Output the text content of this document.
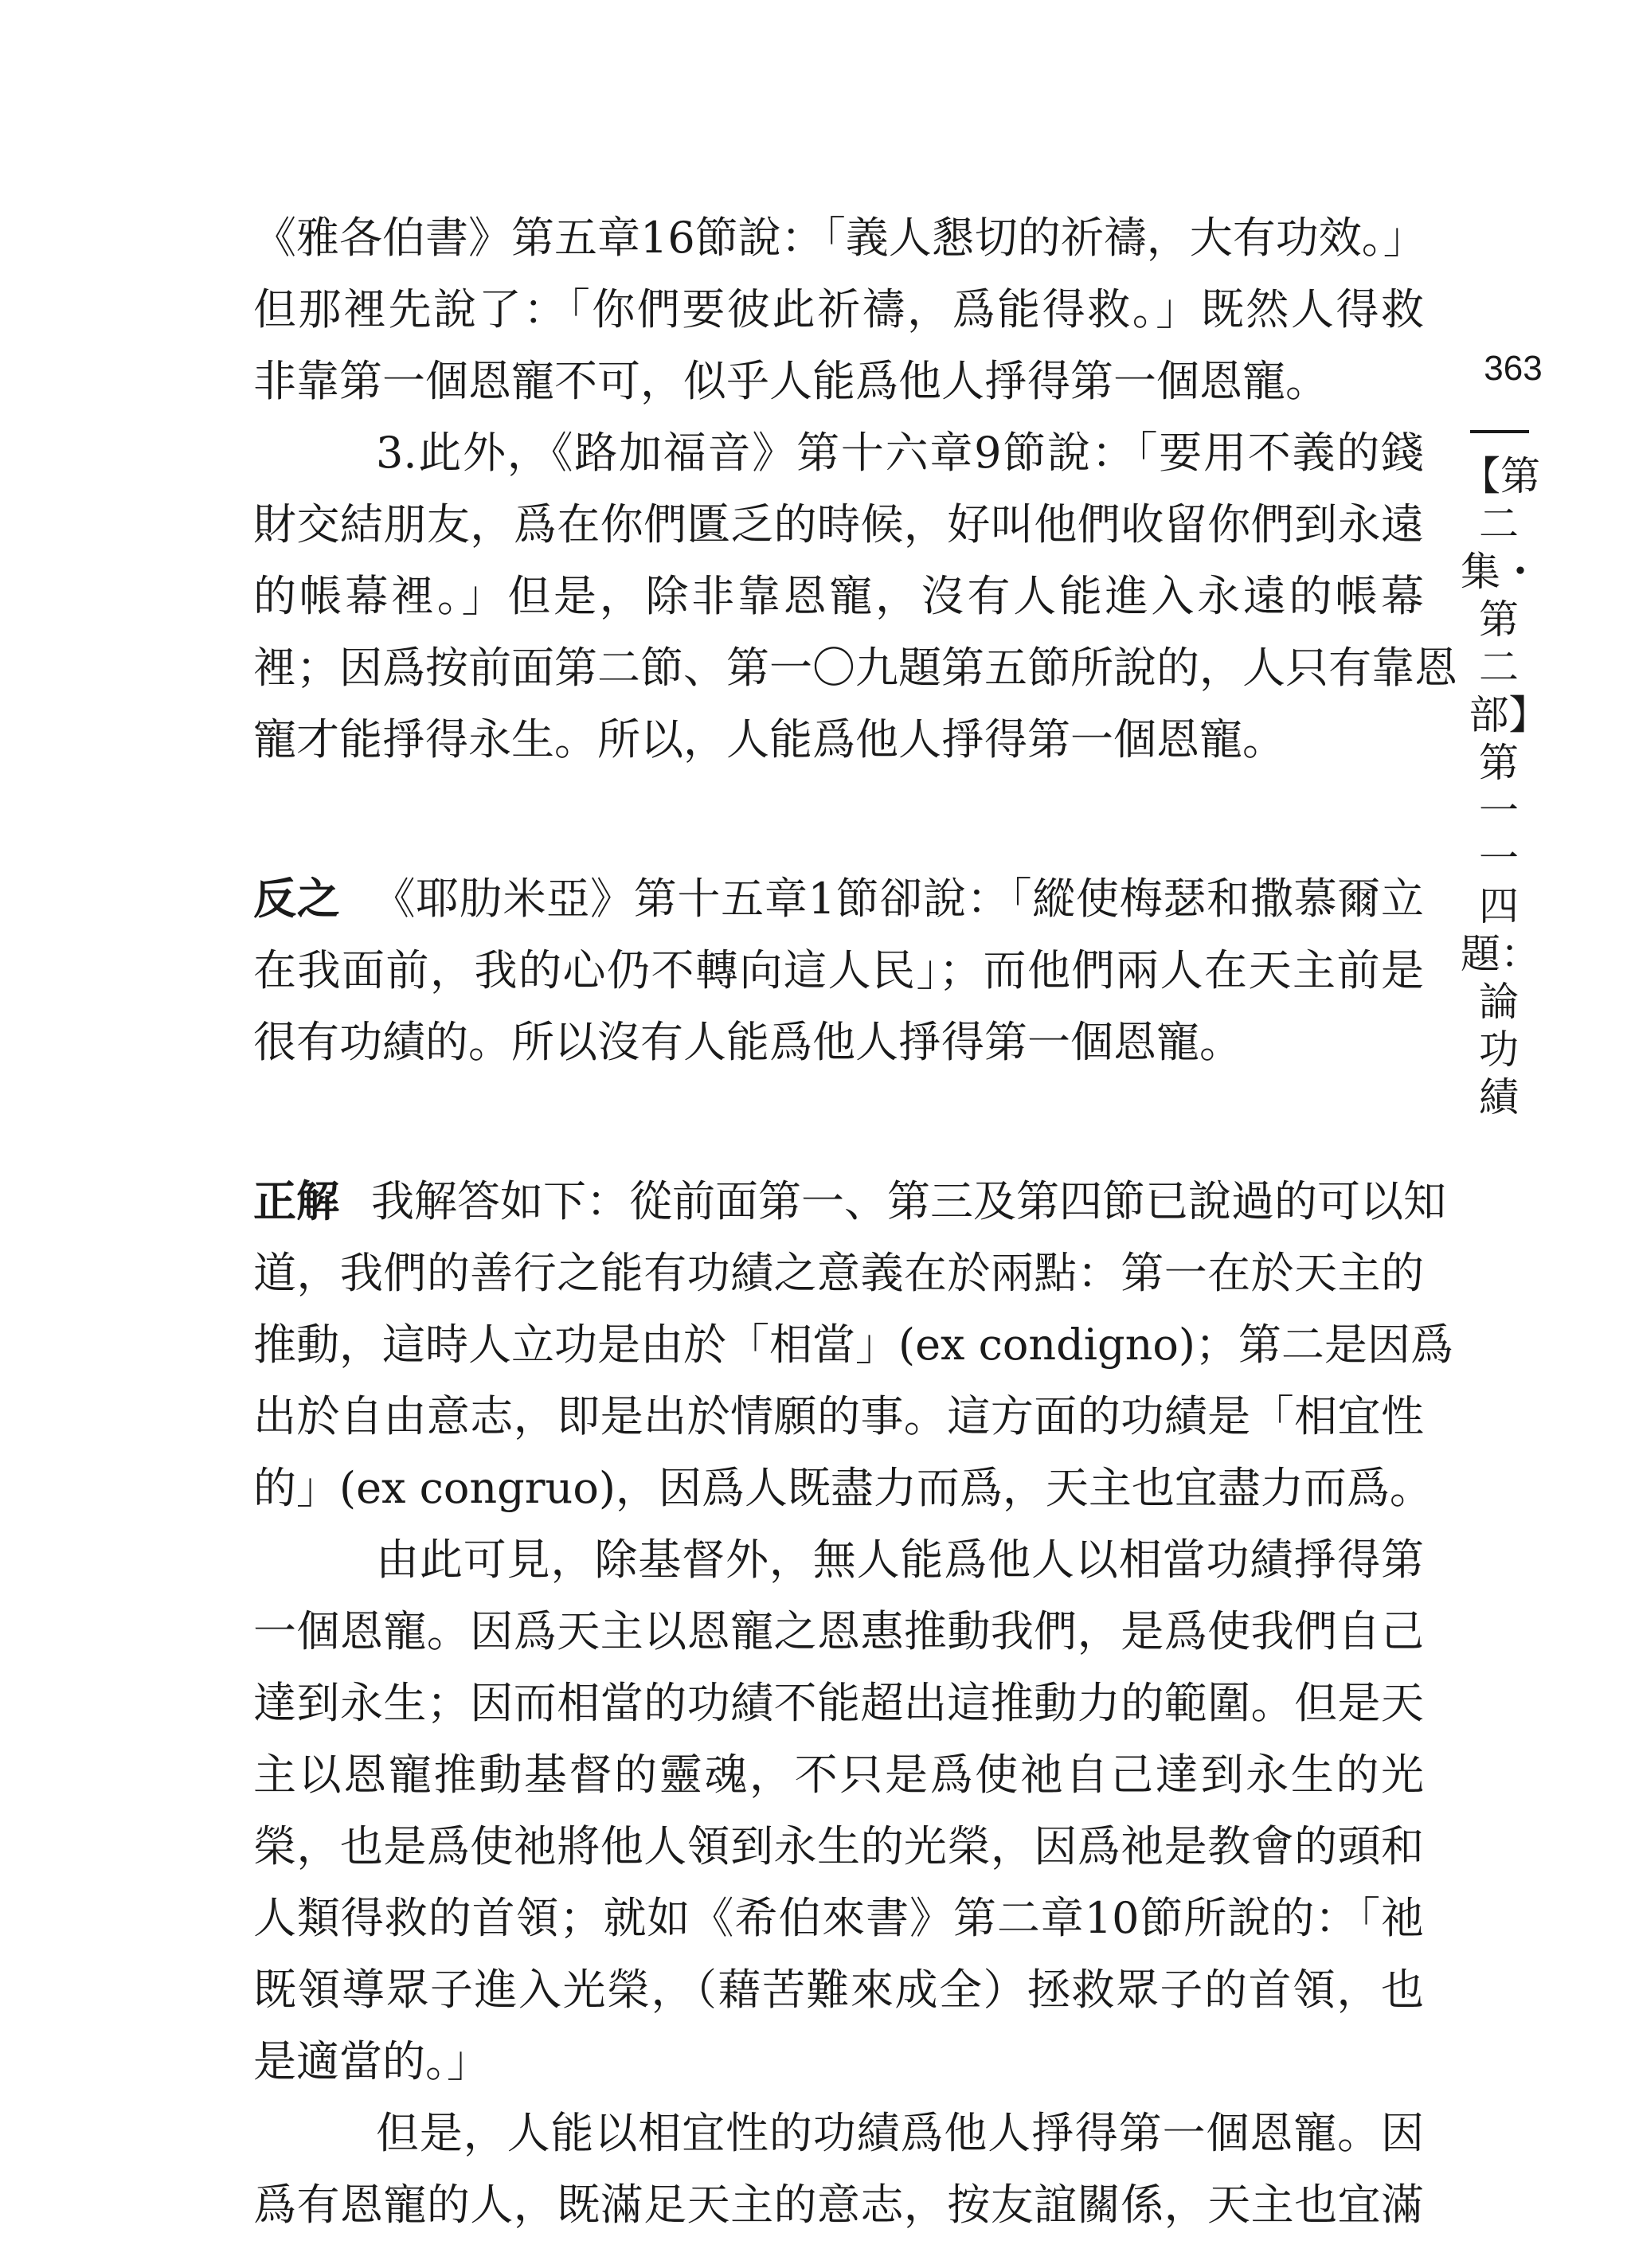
《雅各伯書》第五章16節說：「義人懇切的祈禱，大有功效。」
但那裡先說了：「你們要彼此祈禱，爲能得救。」既然人得救
非靠第一個恩寵不可，似乎人能爲他人掙得第一個恩寵。
3.此外，《路加福音》第十六章9節說：「要用不義的錢
財交結朋友，爲在你們匱乏的時候，好叫他們收留你們到永遠
的帳幕裡。」但是，除非靠恩寵，沒有人能進入永遠的帳幕
裡；因爲按前面第二節、第一〇九題第五節所說的，人只有靠恩
寵才能掙得永生。所以，人能爲他人掙得第一個恩寵。
反之 《耶肋米亞》第十五章1節卻說：「縱使梅瑟和撒慕爾立
在我面前，我的心仍不轉向這人民」；而他們兩人在天主前是
很有功績的。所以沒有人能爲他人掙得第一個恩寵。
正解 我解答如下：從前面第一、第三及第四節已說過的可以知
道，我們的善行之能有功績之意義在於兩點：第一在於天主的
推動，這時人立功是由於「相當」(ex condigno)；第二是因爲
出於自由意志，即是出於情願的事。這方面的功績是「相宜性
的」(ex congruo)，因爲人既盡力而爲，天主也宜盡力而爲。
由此可見，除基督外，無人能爲他人以相當功績掙得第
一個恩寵。因爲天主以恩寵之恩惠推動我們，是爲使我們自己
達到永生；因而相當的功績不能超出這推動力的範圍。但是天
主以恩寵推動基督的靈魂，不只是爲使祂自己達到永生的光
榮，也是爲使祂將他人領到永生的光榮，因爲祂是教會的頭和
人類得救的首領；就如《希伯來書》第二章10節所說的：「祂
既領導眾子進入光榮，（藉苦難來成全）拯救眾子的首領，也
是適當的。」
但是，人能以相宜性的功績爲他人掙得第一個恩寵。因
爲有恩寵的人，既滿足天主的意志，按友誼關係，天主也宜滿
363
【第二集・第二部】第一一四題：論功績
